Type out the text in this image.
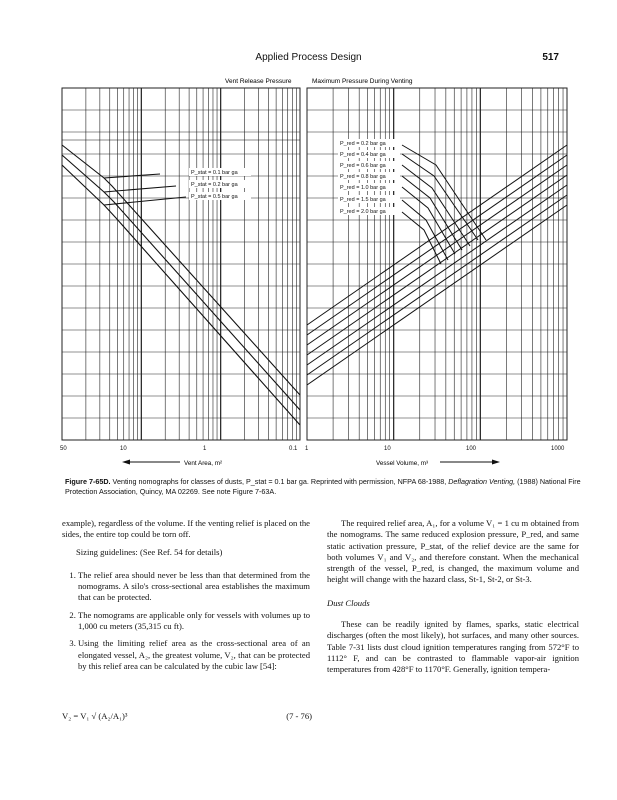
Applied Process Design	517
Vent Release Pressure	Maximum Pressure During Venting
P_stat = 0.1 bar ga
P_stat = 0.2 bar ga
P_stat = 0.5 bar ga
P_red = 0.2 bar ga
P_red = 0.4 bar ga
P_red = 0.6 bar ga
P_red = 0.8 bar ga
P_red = 1.0 bar ga
P_red = 1.5 bar ga
P_red = 2.0 bar ga
50	10	1	0.1 1	10	100	1000
Vent Area, m²	Vessel Volume, m³
Figure 7-65D. Venting nomographs for classes of dusts, P_stat = 0.1 bar ga. Reprinted with permission, NFPA 68-1988, Deflagration Venting, (1988) National Fire Protection Association, Quincy, MA 02269. See note Figure 7-63A.

example), regardless of the volume. If the venting relief is placed on the sides, the entire top could be torn off.

Sizing guidelines: (See Ref. 54 for details)

1. The relief area should never be less than that determined from the nomograms. A silo's cross-sectional area establishes the maximum that can be protected.
2. The nomograms are applicable only for vessels with volumes up to 1,000 cu meters (35,315 cu ft).
3. Using the limiting relief area as the cross-sectional area of an elongated vessel, A₂, the greatest volume, V₂, that can be protected by this relief area can be calculated by the cubic law [54]:
V₂ = V₁ √ (A₂/A₁)³	(7 - 76)

The required relief area, A₁, for a volume V₁ = 1 cu m obtained from the nomograms. The same reduced explosion pressure, P_red, and same static activation pressure, P_stat, of the relief device are the same for both volumes V₁ and V₂, and therefore constant. When the mechanical strength of the vessel, P_red, is changed, the maximum volume and height will change with the hazard class, St-1, St-2, or St-3.

Dust Clouds

These can be readily ignited by flames, sparks, static electrical discharges (often the most likely), hot surfaces, and many other sources. Table 7-31 lists dust cloud ignition temperatures ranging from 572°F to 1112° F, and can be contrasted to flammable vapor-air ignition temperatures from 428°F to 1170°F. Generally, ignition tempera-
